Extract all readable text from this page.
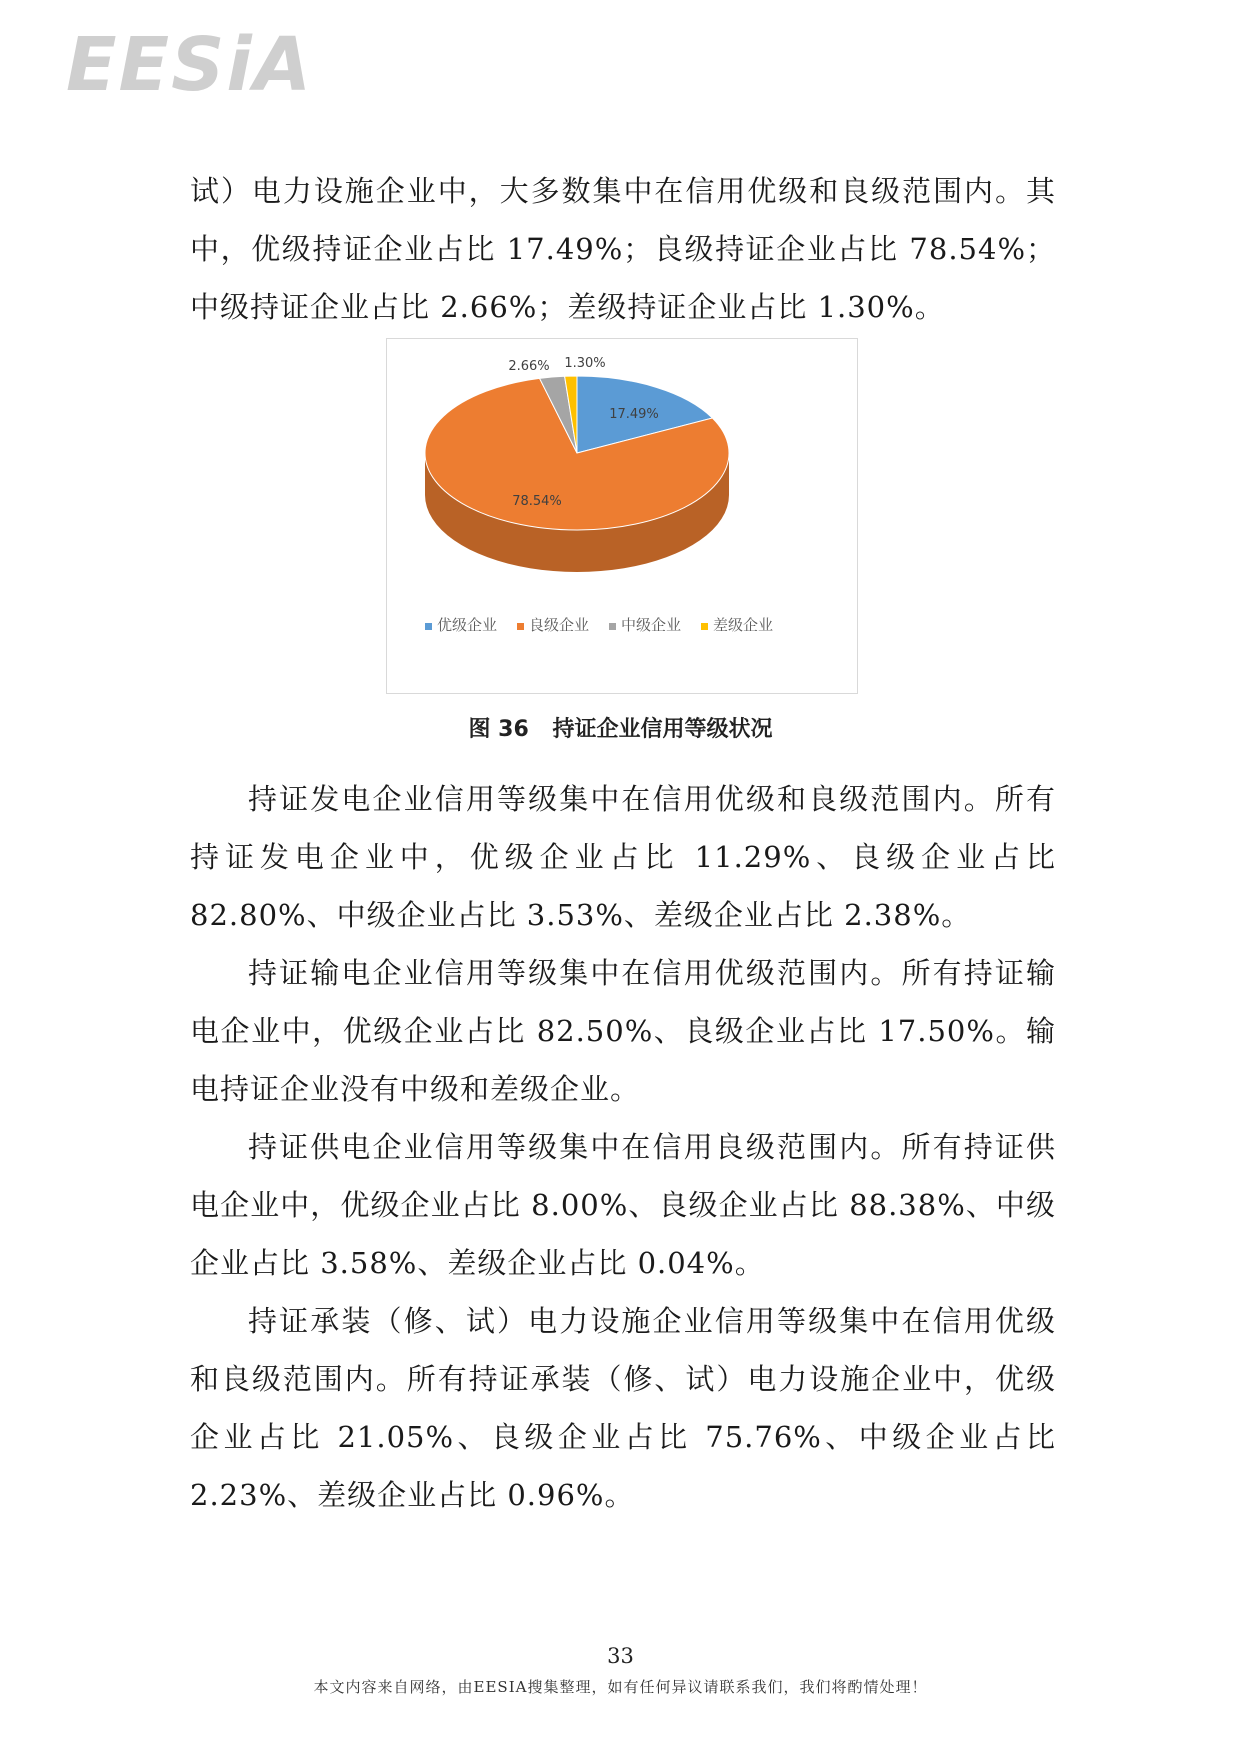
EESiA

试）电力设施企业中，大多数集中在信用优级和良级范围内。其中，优级持证企业占比 17.49%；良级持证企业占比 78.54%；中级持证企业占比 2.66%；差级持证企业占比 1.30%。

17.49%
78.54%
2.66% 1.30%
优级企业 良级企业 中级企业 差级企业
图 36 持证企业信用等级状况

持证发电企业信用等级集中在信用优级和良级范围内。所有持证发电企业中，优级企业占比 11.29%、良级企业占比 82.80%、中级企业占比 3.53%、差级企业占比 2.38%。

持证输电企业信用等级集中在信用优级范围内。所有持证输电企业中，优级企业占比 82.50%、良级企业占比 17.50%。输电持证企业没有中级和差级企业。

持证供电企业信用等级集中在信用良级范围内。所有持证供电企业中，优级企业占比 8.00%、良级企业占比 88.38%、中级企业占比 3.58%、差级企业占比 0.04%。

持证承装（修、试）电力设施企业信用等级集中在信用优级和良级范围内。所有持证承装（修、试）电力设施企业中，优级企业占比 21.05%、良级企业占比 75.76%、中级企业占比 2.23%、差级企业占比 0.96%。

33
本文内容来自网络，由EESIA搜集整理，如有任何异议请联系我们，我们将酌情处理！
